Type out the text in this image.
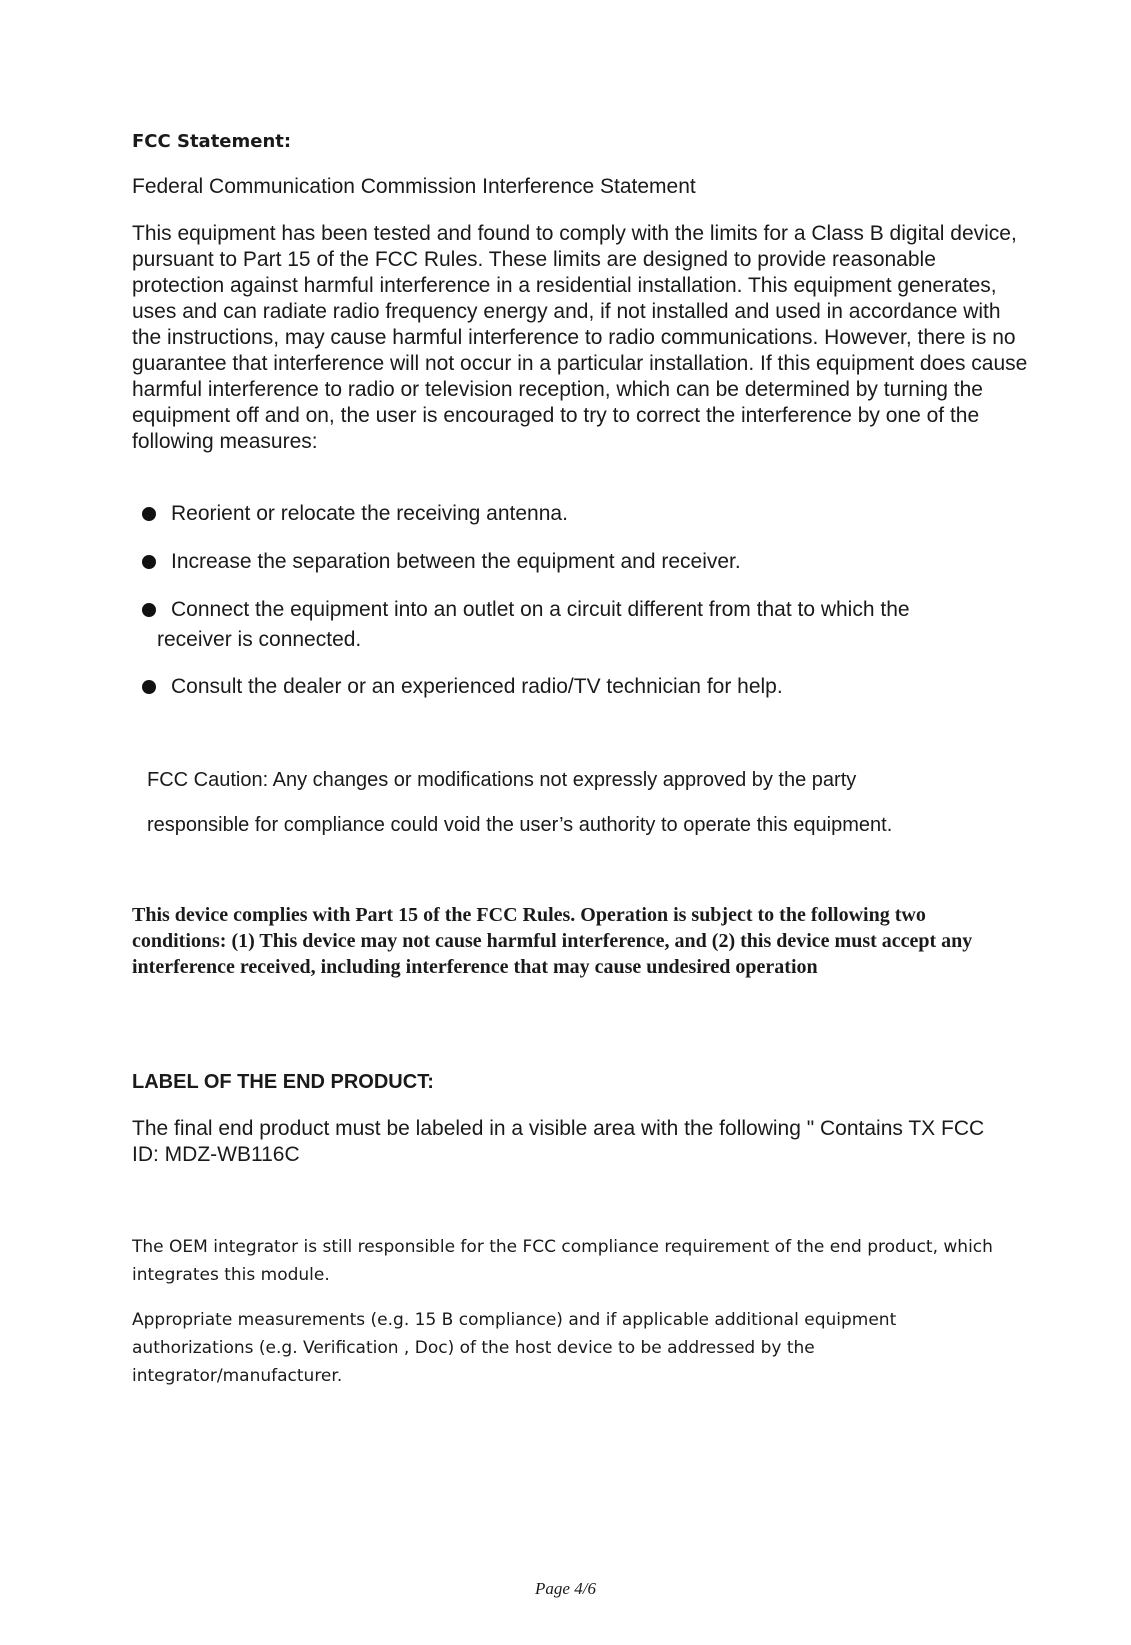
FCC Statement:

Federal Communication Commission Interference Statement

This equipment has been tested and found to comply with the limits for a Class B digital device, pursuant to Part 15 of the FCC Rules. These limits are designed to provide reasonable protection against harmful interference in a residential installation. This equipment generates, uses and can radiate radio frequency energy and, if not installed and used in accordance with the instructions, may cause harmful interference to radio communications. However, there is no guarantee that interference will not occur in a particular installation. If this equipment does cause harmful interference to radio or television reception, which can be determined by turning the equipment off and on, the user is encouraged to try to correct the interference by one of the following measures:

Reorient or relocate the receiving antenna.
Increase the separation between the equipment and receiver.
Connect the equipment into an outlet on a circuit different from that to which the
receiver is connected.
Consult the dealer or an experienced radio/TV technician for help.
FCC Caution: Any changes or modifications not expressly approved by the party
responsible for compliance could void the user’s authority to operate this equipment.

This device complies with Part 15 of the FCC Rules. Operation is subject to the following two conditions: (1) This device may not cause harmful interference, and (2) this device must accept any interference received, including interference that may cause undesired operation

LABEL OF THE END PRODUCT:

The final end product must be labeled in a visible area with the following " Contains TX FCC ID: MDZ-WB116C

The OEM integrator is still responsible for the FCC compliance requirement of the end product, which integrates this module.

Appropriate measurements (e.g. 15 B compliance) and if applicable additional equipment authorizations (e.g. Verification , Doc) of the host device to be addressed by the integrator/manufacturer.

Page 4/6
